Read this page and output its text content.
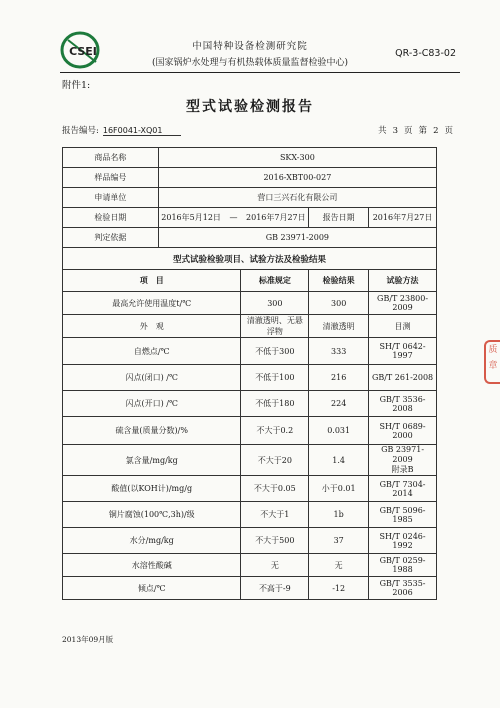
CSEI	中国特种设备检测研究院
(国家锅炉水处理与有机热载体质量监督检验中心)
QR-3-C83-02
附件1:
型式试验检测报告
报告编号: 16F0041-XQ01	共 3 页 第 2 页
商品名称	SKX-300			
样品编号	2016-XBT00-027			
申请单位	营口三兴石化有限公司			
检验日期	2016年5月12日 — 2016年7月27日		报告日期	2016年7月27日
判定依据	GB 23971-2009			
型式试验检验项目、试验方法及检验结果				
项　目		标准规定	检验结果	试验方法
最高允许使用温度t/℃		300	300	GB/T 23800-2009
外　观		清澈透明、无悬浮物	清澈透明	目测
自燃点/℃		不低于300	333	SH/T 0642-1997
闪点(闭口) /℃		不低于100	216	GB/T 261-2008
闪点(开口) /℃		不低于180	224	GB/T 3536-2008
硫含量(质量分数)/%		不大于0.2	0.031	SH/T 0689-2000
氯含量/mg/kg		不大于20	1.4	GB 23971-2009
附录B

酸值(以KOH计)/mg/g		不大于0.05	小于0.01	GB/T 7304-2014
铜片腐蚀(100℃,3h)/级		不大于1	1b	GB/T 5096-1985
水分/mg/kg		不大于500	37	SH/T 0246-1992
水溶性酸碱		无	无	GB/T 0259-1988
倾点/℃		不高于-9	-12	GB/T 3535-2006
2013年09月版
质
章
